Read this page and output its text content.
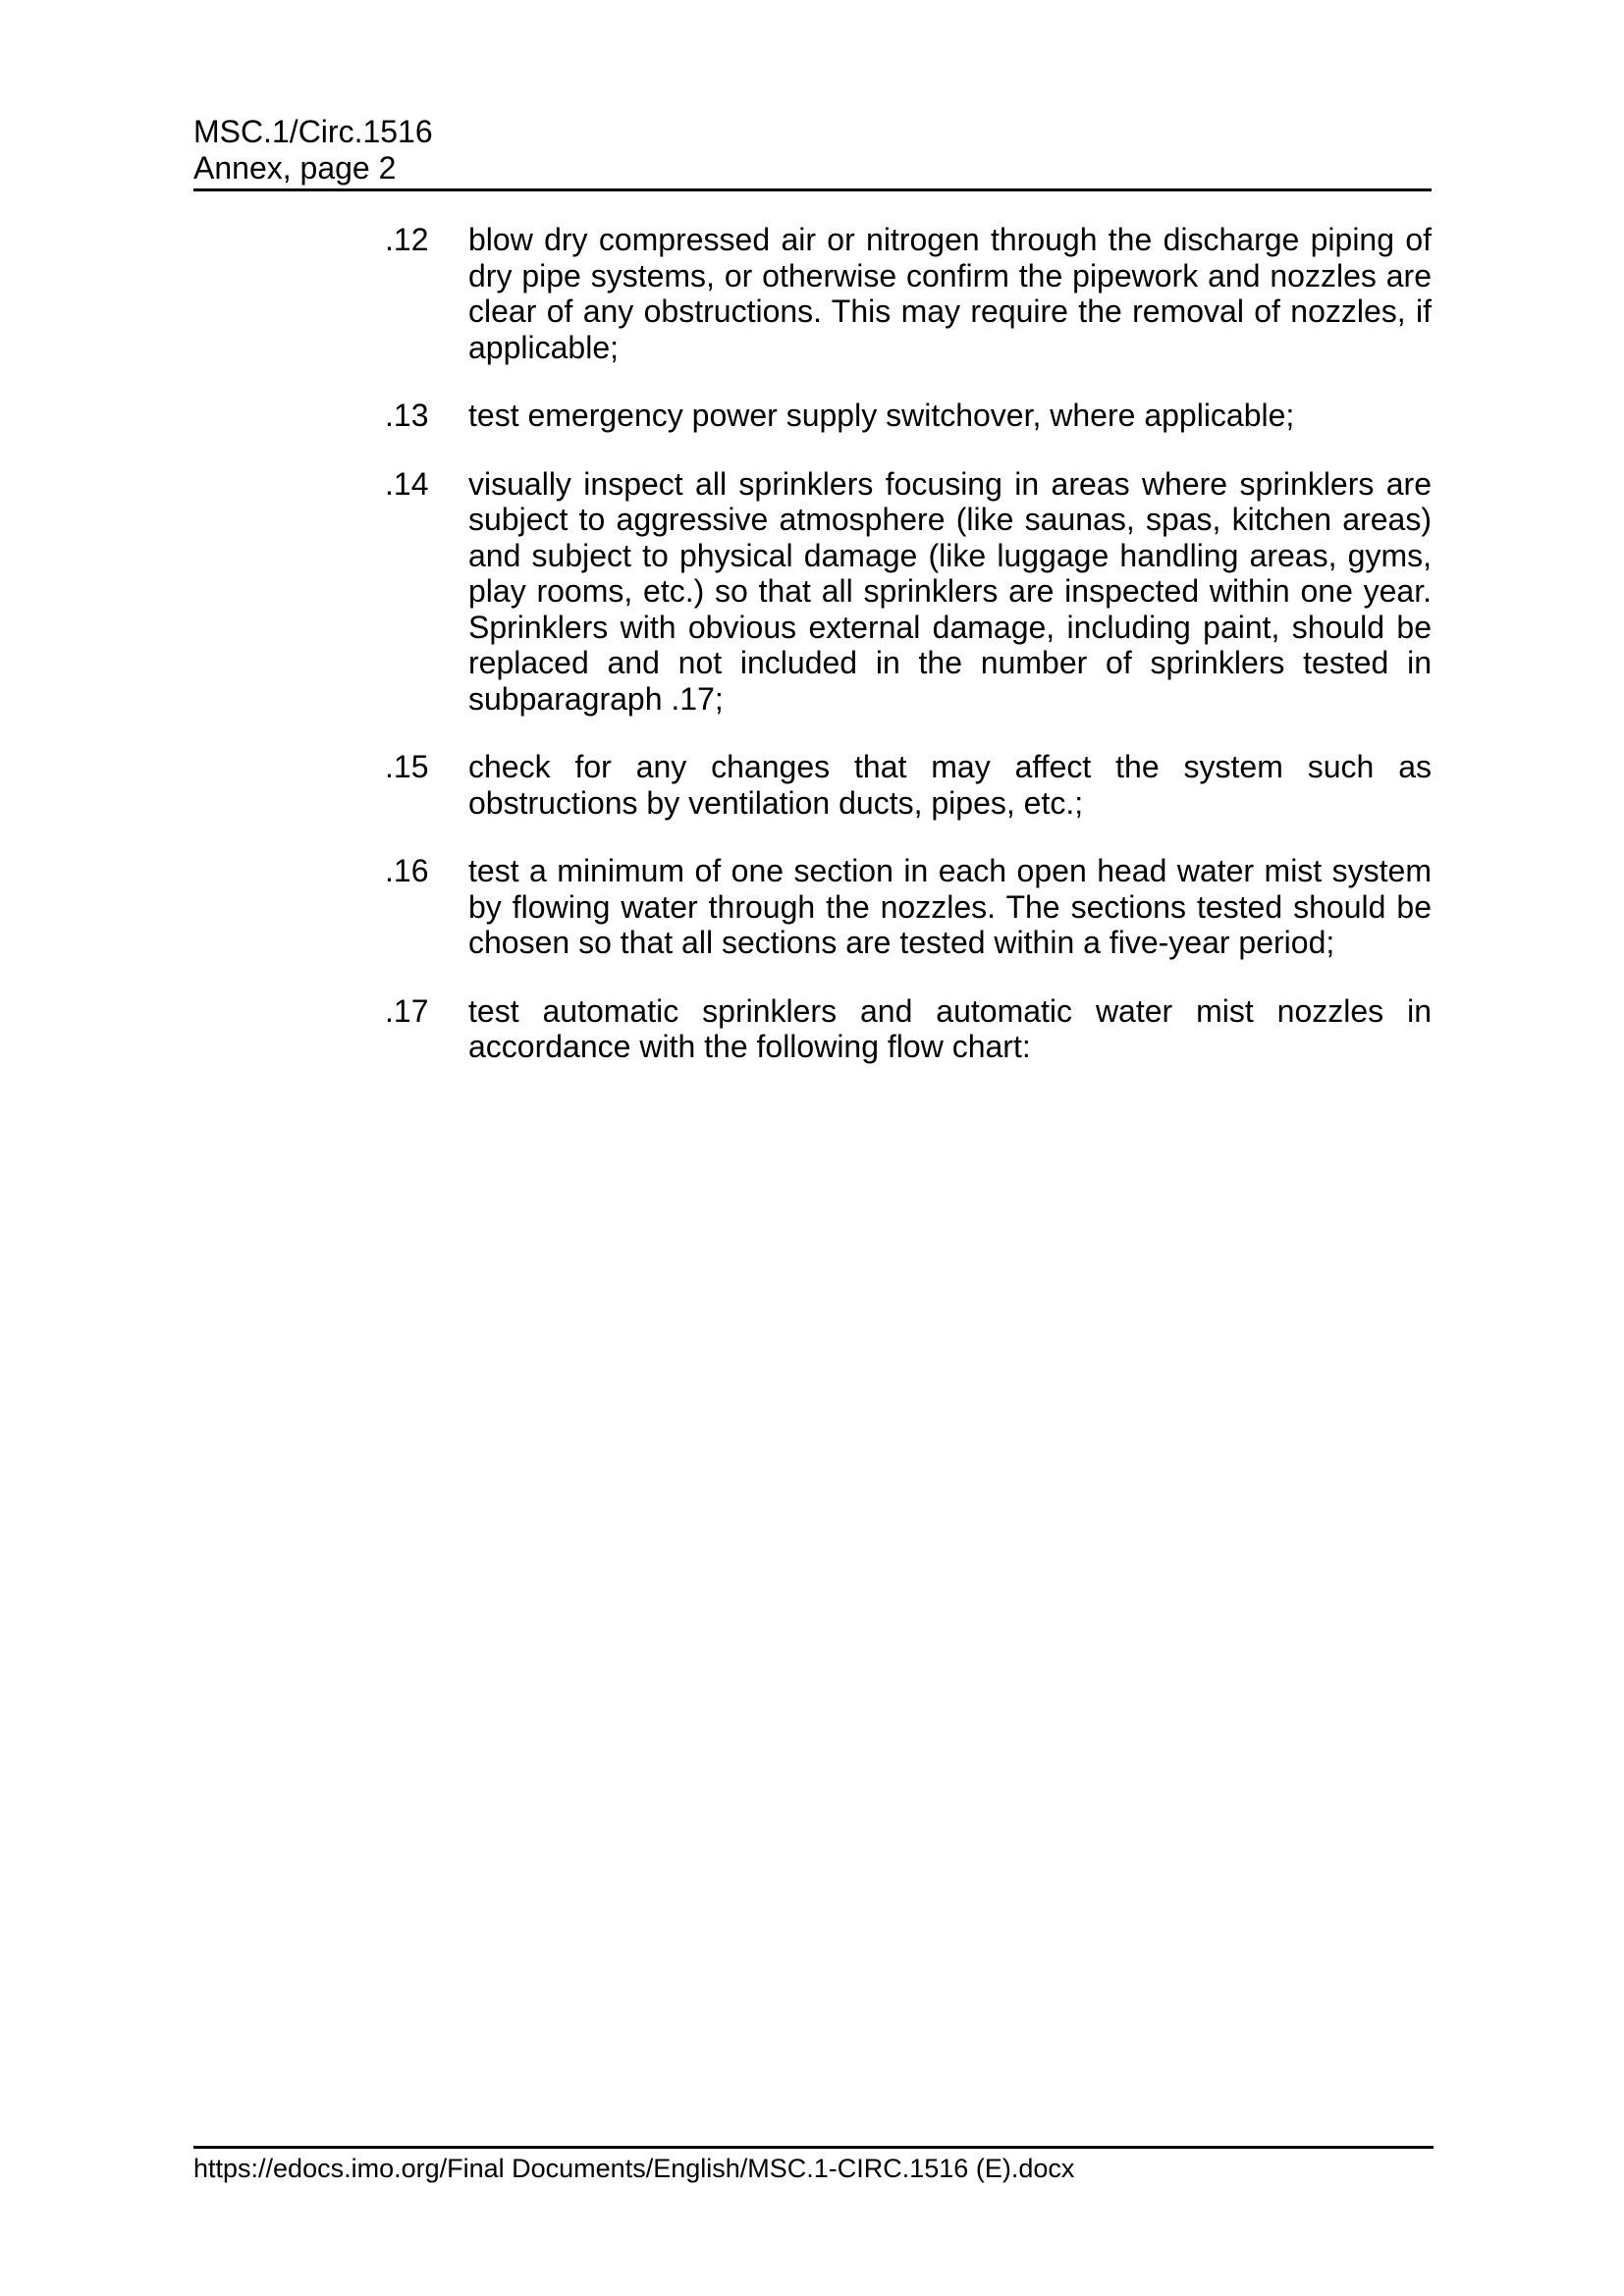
MSC.1/Circ.1516
Annex, page 2
.12	blow dry compressed air or nitrogen through the discharge piping of dry pipe systems, or otherwise confirm the pipework and nozzles are clear of any obstructions. This may require the removal of nozzles, if applicable;
.13	test emergency power supply switchover, where applicable;
.14	visually inspect all sprinklers focusing in areas where sprinklers are subject to aggressive atmosphere (like saunas, spas, kitchen areas) and subject to physical damage (like luggage handling areas, gyms, play rooms, etc.) so that all sprinklers are inspected within one year. Sprinklers with obvious external damage, including paint, should be replaced and not included in the number of sprinklers tested in subparagraph .17;
.15	check for any changes that may affect the system such as obstructions by ventilation ducts, pipes, etc.;
.16	test a minimum of one section in each open head water mist system by flowing water through the nozzles. The sections tested should be chosen so that all sections are tested within a five-year period;
.17	test automatic sprinklers and automatic water mist nozzles in accordance with the following flow chart:
https://edocs.imo.org/Final Documents/English/MSC.1-CIRC.1516 (E).docx
